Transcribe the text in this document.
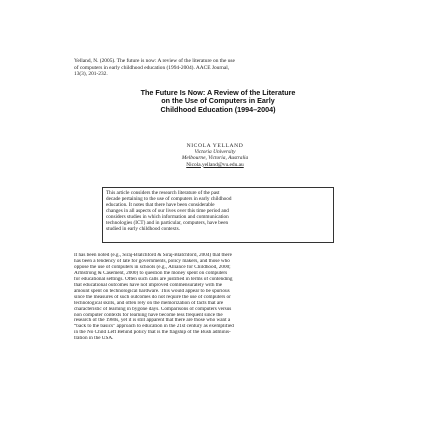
Yelland, N. (2005). The future is now: A review of the literature on the use
of computers in early childhood education (1994-2004). AACE Journal,
13(3), 201-232.
The Future Is Now: A Review of the Literature
on the Use of Computers in Early
Childhood Education (1994–2004)
NICOLA YELLAND
Victoria University
Melbourne, Victoria, Australia
Nicola.yelland@vu.edu.au
This article considers the research literature of the past
decade pertaining to the use of computers in early childhood
education. It notes that there have been considerable
changes in all aspects of our lives over this time period and
considers studies in which information and communication
technologies (ICT) and in particular, computers, have been
studied in early childhood contexts.
It has been noted (e.g., Siraj-Blatchford & Siraj-Blatchford, 2004) that there
has been a tendency of late for governments, policy makers, and those who
oppose the use of computers in schools (e.g., Alliance for Childhood, 2000;
Armstrong & Casement, 2000) to question the money spent on computers
for educational settings. Often such calls are justified in terms of contending
that educational outcomes have not improved commensurately with the
amount spent on technological hardware. This would appear to be spurious
since the measures of such outcomes do not require the use of computers or
technological skills, and often rely on the memorization of facts that are
characteristic of learning in bygone days. Comparisons of computers versus
non computer contexts for learning have become less frequent since the
research of the 1980s, yet it is still apparent that there are those who want a
“back to the basics” approach to education in the 21st century as exemplified
in the No Child Left Behind policy that is the flagship of the Bush adminis-
tration in the USA.
